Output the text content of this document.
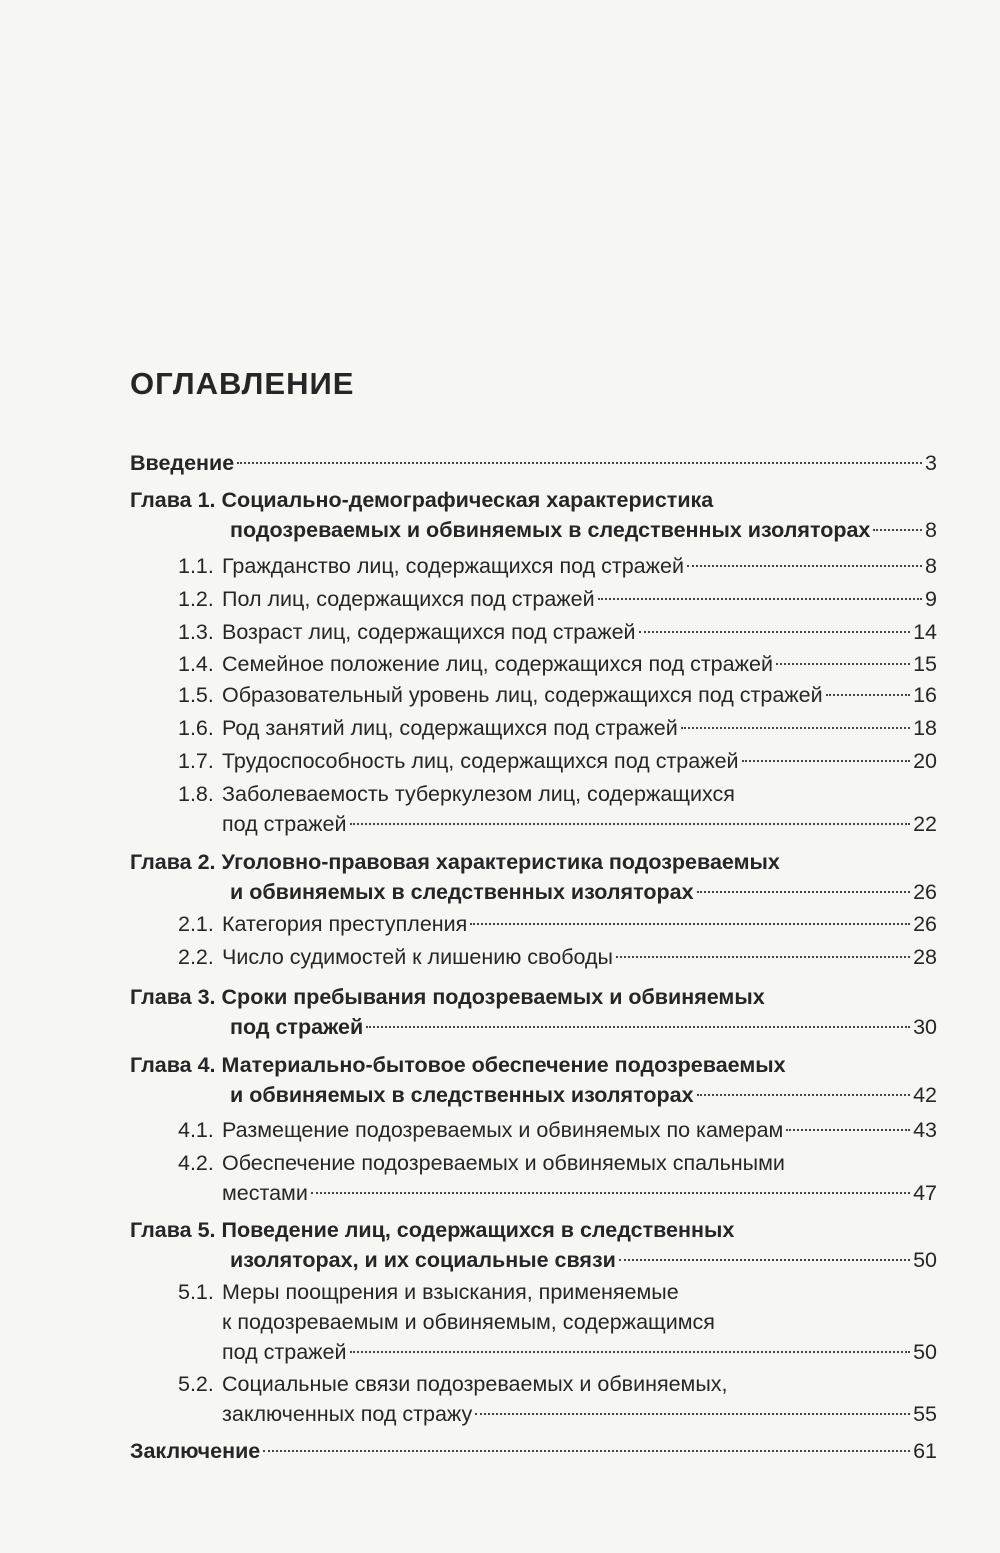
ОГЛАВЛЕНИЕ
Введение	3
Глава 1. Социально-демографическая характеристика
подозреваемых и обвиняемых в следственных изоляторах	8
1.1. Гражданство лиц, содержащихся под стражей	8
1.2. Пол лиц, содержащихся под стражей	9
1.3. Возраст лиц, содержащихся под стражей	14
1.4. Семейное положение лиц, содержащихся под стражей	15
1.5. Образовательный уровень лиц, содержащихся под стражей	16
1.6. Род занятий лиц, содержащихся под стражей	18
1.7. Трудоспособность лиц, содержащихся под стражей	20
1.8. Заболеваемость туберкулезом лиц, содержащихся
под стражей	22
Глава 2. Уголовно-правовая характеристика подозреваемых
и обвиняемых в следственных изоляторах	26
2.1. Категория преступления	26
2.2. Число судимостей к лишению свободы	28
Глава 3. Сроки пребывания подозреваемых и обвиняемых
под стражей	30
Глава 4. Материально-бытовое обеспечение подозреваемых
и обвиняемых в следственных изоляторах	42
4.1. Размещение подозреваемых и обвиняемых по камерам	43
4.2. Обеспечение подозреваемых и обвиняемых спальными
местами	47
Глава 5. Поведение лиц, содержащихся в следственных
изоляторах, и их социальные связи	50
5.1. Меры поощрения и взыскания, применяемые
к подозреваемым и обвиняемым, содержащимся
под стражей	50
5.2. Социальные связи подозреваемых и обвиняемых,
заключенных под стражу	55
Заключение	61
